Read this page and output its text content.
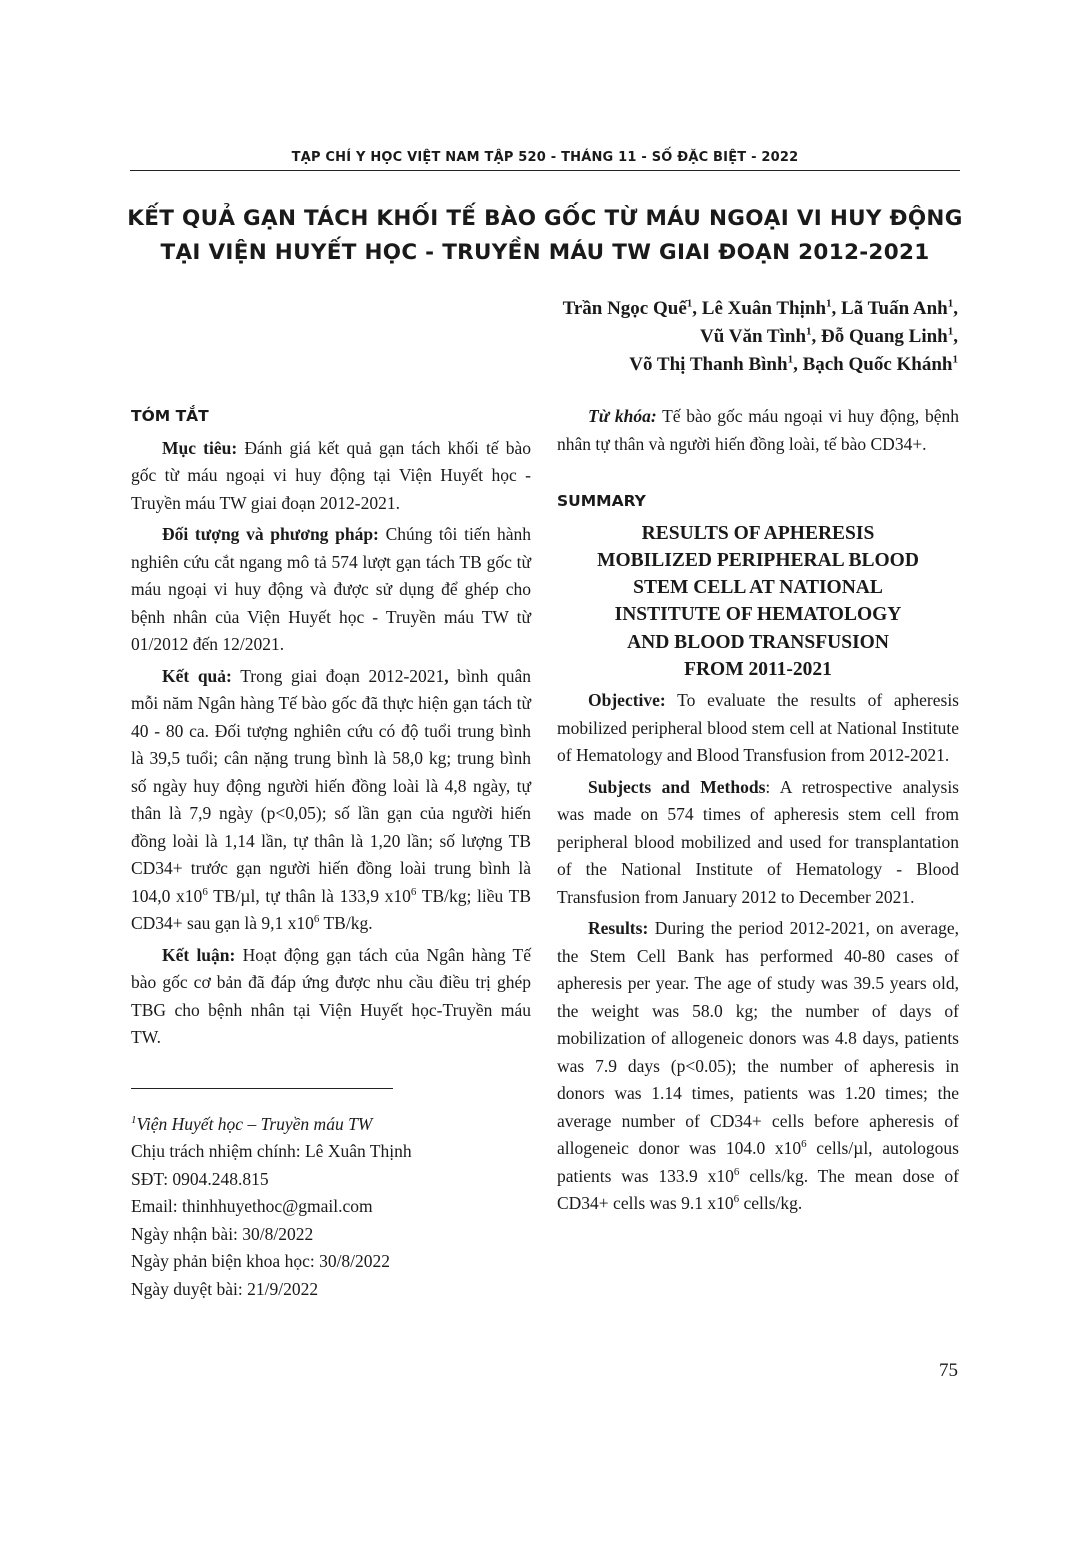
TẠP CHÍ Y HỌC VIỆT NAM TẬP 520 - THÁNG 11 - SỐ ĐẶC BIỆT - 2022
KẾT QUẢ GẠN TÁCH KHỐI TẾ BÀO GỐC TỪ MÁU NGOẠI VI HUY ĐỘNG
TẠI VIỆN HUYẾT HỌC - TRUYỀN MÁU TW GIAI ĐOẠN 2012-2021
Trần Ngọc Quế$^1$, Lê Xuân Thịnh$^1$, Lã Tuấn Anh$^1$,
Vũ Văn Tình$^1$, Đỗ Quang Linh$^1$,
Võ Thị Thanh Bình$^1$, Bạch Quốc Khánh$^1$
TÓM TẮT

Mục tiêu: Đánh giá kết quả gạn tách khối tế bào gốc từ máu ngoại vi huy động tại Viện Huyết học - Truyền máu TW giai đoạn 2012-2021.

Đối tượng và phương pháp: Chúng tôi tiến hành nghiên cứu cắt ngang mô tả 574 lượt gạn tách TB gốc từ máu ngoại vi huy động và được sử dụng để ghép cho bệnh nhân của Viện Huyết học - Truyền máu TW từ 01/2012 đến 12/2021.

Kết quả: Trong giai đoạn 2012-2021, bình quân mỗi năm Ngân hàng Tế bào gốc đã thực hiện gạn tách từ 40 - 80 ca. Đối tượng nghiên cứu có độ tuổi trung bình là 39,5 tuổi; cân nặng trung bình là 58,0 kg; trung bình số ngày huy động người hiến đồng loài là 4,8 ngày, tự thân là 7,9 ngày (p<0,05); số lần gạn của người hiến đồng loài là 1,14 lần, tự thân là 1,20 lần; số lượng TB CD34+ trước gạn người hiến đồng loài trung bình là 104,0 $x10^6$ TB/µl, tự thân là 133,9 $x10^6$ TB/kg; liều TB CD34+ sau gạn là 9,1 $x10^6$ TB/kg.

Kết luận: Hoạt động gạn tách của Ngân hàng Tế bào gốc cơ bản đã đáp ứng được nhu cầu điều trị ghép TBG cho bệnh nhân tại Viện Huyết học-Truyền máu TW.

$^1$Viện Huyết học – Truyền máu TW
Chịu trách nhiệm chính: Lê Xuân Thịnh
SĐT: 0904.248.815
Email: thinhhuyethoc@gmail.com
Ngày nhận bài: 30/8/2022
Ngày phản biện khoa học: 30/8/2022
Ngày duyệt bài: 21/9/2022

Từ khóa: Tế bào gốc máu ngoại vi huy động, bệnh nhân tự thân và người hiến đồng loài, tế bào CD34+.

SUMMARY
RESULTS OF APHERESIS
MOBILIZED PERIPHERAL BLOOD
STEM CELL AT NATIONAL
INSTITUTE OF HEMATOLOGY
AND BLOOD TRANSFUSION
FROM 2011-2021

Objective: To evaluate the results of apheresis mobilized peripheral blood stem cell at National Institute of Hematology and Blood Transfusion from 2012-2021.

Subjects and Methods: A retrospective analysis was made on 574 times of apheresis stem cell from peripheral blood mobilized and used for transplantation of the National Institute of Hematology - Blood Transfusion from January 2012 to December 2021.

Results: During the period 2012-2021, on average, the Stem Cell Bank has performed 40-80 cases of apheresis per year. The age of study was 39.5 years old, the weight was 58.0 kg; the number of days of mobilization of allogeneic donors was 4.8 days, patients was 7.9 days (p<0.05); the number of apheresis in donors was 1.14 times, patients was 1.20 times; the average number of CD34+ cells before apheresis of allogeneic donor was 104.0 $x10^6$ cells/µl, autologous patients was 133.9 $x10^6$ cells/kg. The mean dose of CD34+ cells was 9.1 $x10^6$ cells/kg.

75
